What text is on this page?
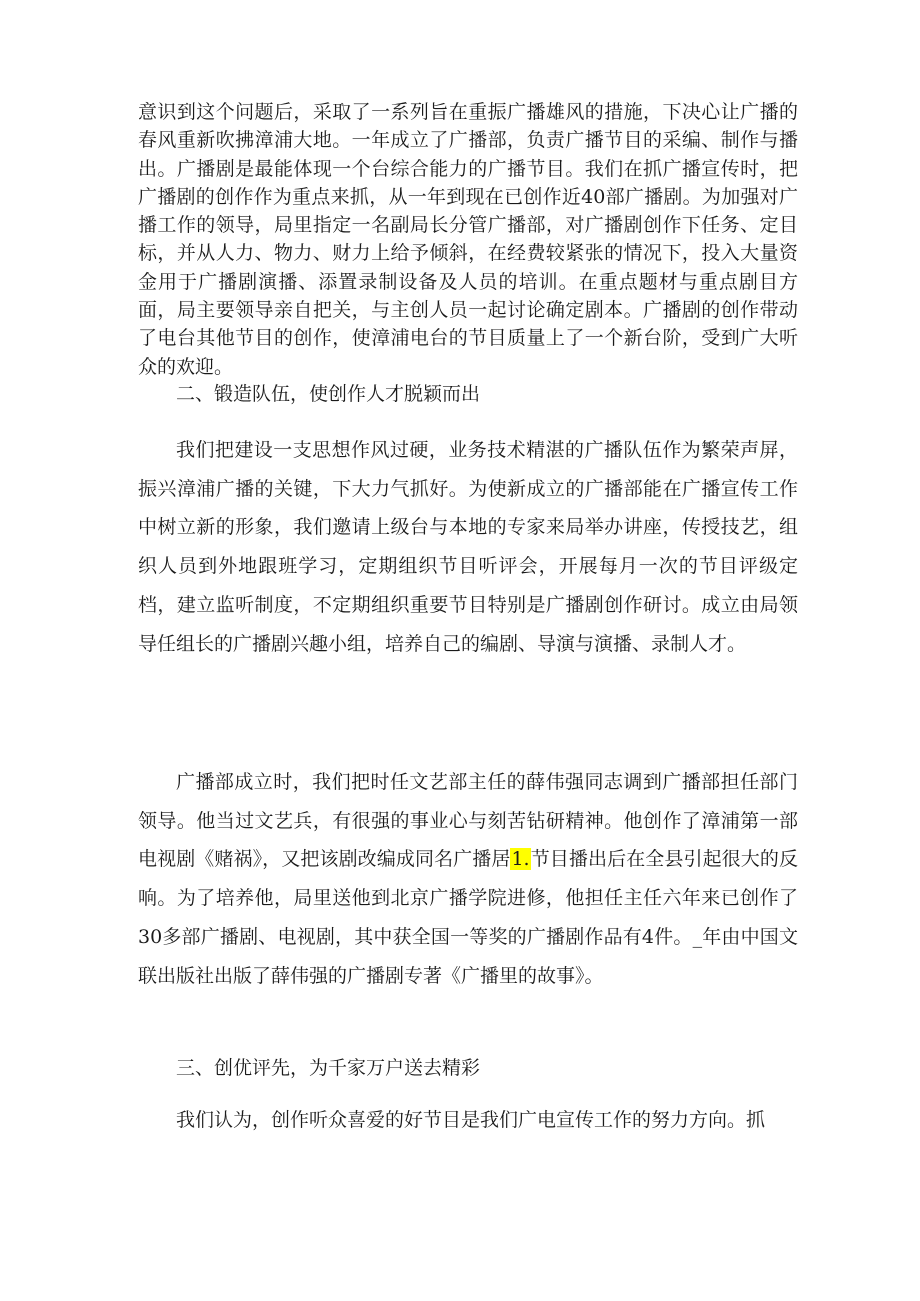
意识到这个问题后，采取了一系列旨在重振广播雄风的措施，下决心让广播的春风重新吹拂漳浦大地。一年成立了广播部，负责广播节目的采编、制作与播出。广播剧是最能体现一个台综合能力的广播节目。我们在抓广播宣传时，把广播剧的创作作为重点来抓，从一年到现在已创作近40部广播剧。为加强对广播工作的领导，局里指定一名副局长分管广播部，对广播剧创作下任务、定目标，并从人力、物力、财力上给予倾斜，在经费较紧张的情况下，投入大量资金用于广播剧演播、添置录制设备及人员的培训。在重点题材与重点剧目方面，局主要领导亲自把关，与主创人员一起讨论确定剧本。广播剧的创作带动了电台其他节目的创作，使漳浦电台的节目质量上了一个新台阶，受到广大听众的欢迎。

二、锻造队伍，使创作人才脱颖而出

我们把建设一支思想作风过硬，业务技术精湛的广播队伍作为繁荣声屏，振兴漳浦广播的关键，下大力气抓好。为使新成立的广播部能在广播宣传工作中树立新的形象，我们邀请上级台与本地的专家来局举办讲座，传授技艺，组织人员到外地跟班学习，定期组织节目听评会，开展每月一次的节目评级定档，建立监听制度，不定期组织重要节目特别是广播剧创作研讨。成立由局领导任组长的广播剧兴趣小组，培养自己的编剧、导演与演播、录制人才。

广播部成立时，我们把时任文艺部主任的薛伟强同志调到广播部担任部门领导。他当过文艺兵，有很强的事业心与刻苦钻研精神。他创作了漳浦第一部电视剧《赌祸》，又把该剧改编成同名广播居1.节目播出后在全县引起很大的反响。为了培养他，局里送他到北京广播学院进修，他担任主任六年来已创作了30多部广播剧、电视剧，其中获全国一等奖的广播剧作品有4件。_年由中国文联出版社出版了薛伟强的广播剧专著《广播里的故事》。

三、创优评先，为千家万户送去精彩

我们认为，创作听众喜爱的好节目是我们广电宣传工作的努力方向。抓
